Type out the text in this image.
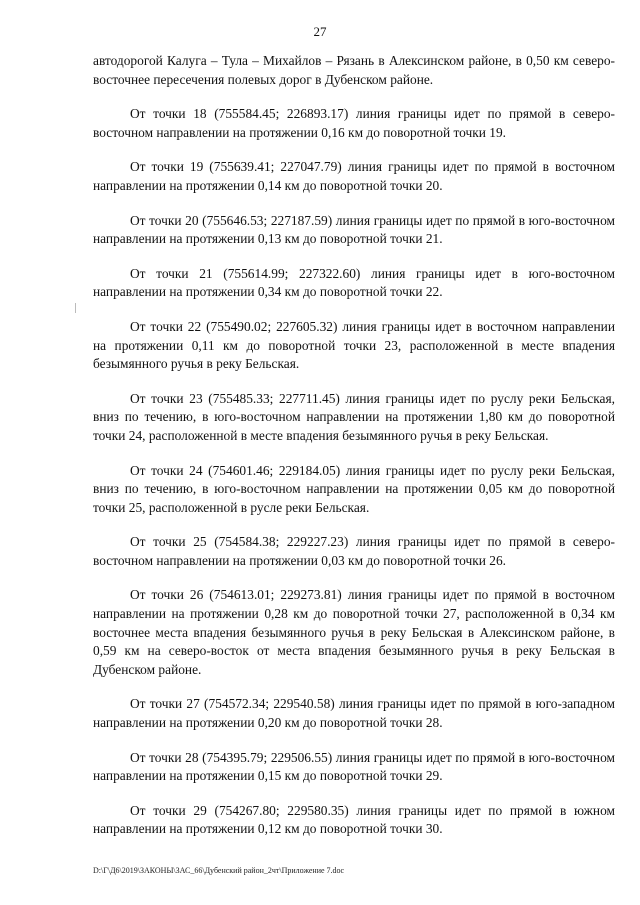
27

автодорогой Калуга – Тула – Михайлов – Рязань в Алексинском районе, в 0,50 км северо-восточнее пересечения полевых дорог в Дубенском районе.

От точки 18 (755584.45; 226893.17) линия границы идет по прямой в северо-восточном направлении на протяжении 0,16 км до поворотной точки 19.

От точки 19 (755639.41; 227047.79) линия границы идет по прямой в восточном направлении на протяжении 0,14 км до поворотной точки 20.

От точки 20 (755646.53; 227187.59) линия границы идет по прямой в юго-восточном направлении на протяжении 0,13 км до поворотной точки 21.

От точки 21 (755614.99; 227322.60) линия границы идет в юго-восточном направлении на протяжении 0,34 км до поворотной точки 22.

От точки 22 (755490.02; 227605.32) линия границы идет в восточном направлении на протяжении 0,11 км до поворотной точки 23, расположенной в месте впадения безымянного ручья в реку Бельская.

От точки 23 (755485.33; 227711.45) линия границы идет по руслу реки Бельская, вниз по течению, в юго-восточном направлении на протяжении 1,80 км до поворотной точки 24, расположенной в месте впадения безымянного ручья в реку Бельская.

От точки 24 (754601.46; 229184.05) линия границы идет по руслу реки Бельская, вниз по течению, в юго-восточном направлении на протяжении 0,05 км до поворотной точки 25, расположенной в русле реки Бельская.

От точки 25 (754584.38; 229227.23) линия границы идет по прямой в северо-восточном направлении на протяжении 0,03 км до поворотной точки 26.

От точки 26 (754613.01; 229273.81) линия границы идет по прямой в восточном направлении на протяжении 0,28 км до поворотной точки 27, расположенной в 0,34 км восточнее места впадения безымянного ручья в реку Бельская в Алексинском районе, в 0,59 км на северо-восток от места впадения безымянного ручья в реку Бельская в Дубенском районе.

От точки 27 (754572.34; 229540.58) линия границы идет по прямой в юго-западном направлении на протяжении 0,20 км до поворотной точки 28.

От точки 28 (754395.79; 229506.55) линия границы идет по прямой в юго-восточном направлении на протяжении 0,15 км до поворотной точки 29.

От точки 29 (754267.80; 229580.35) линия границы идет по прямой в южном направлении на протяжении 0,12 км до поворотной точки 30.

D:\Г\Д6\2019\ЗАКОНЫ\ЗАС_66\Дубенский район_2чт\Приложение 7.doc
